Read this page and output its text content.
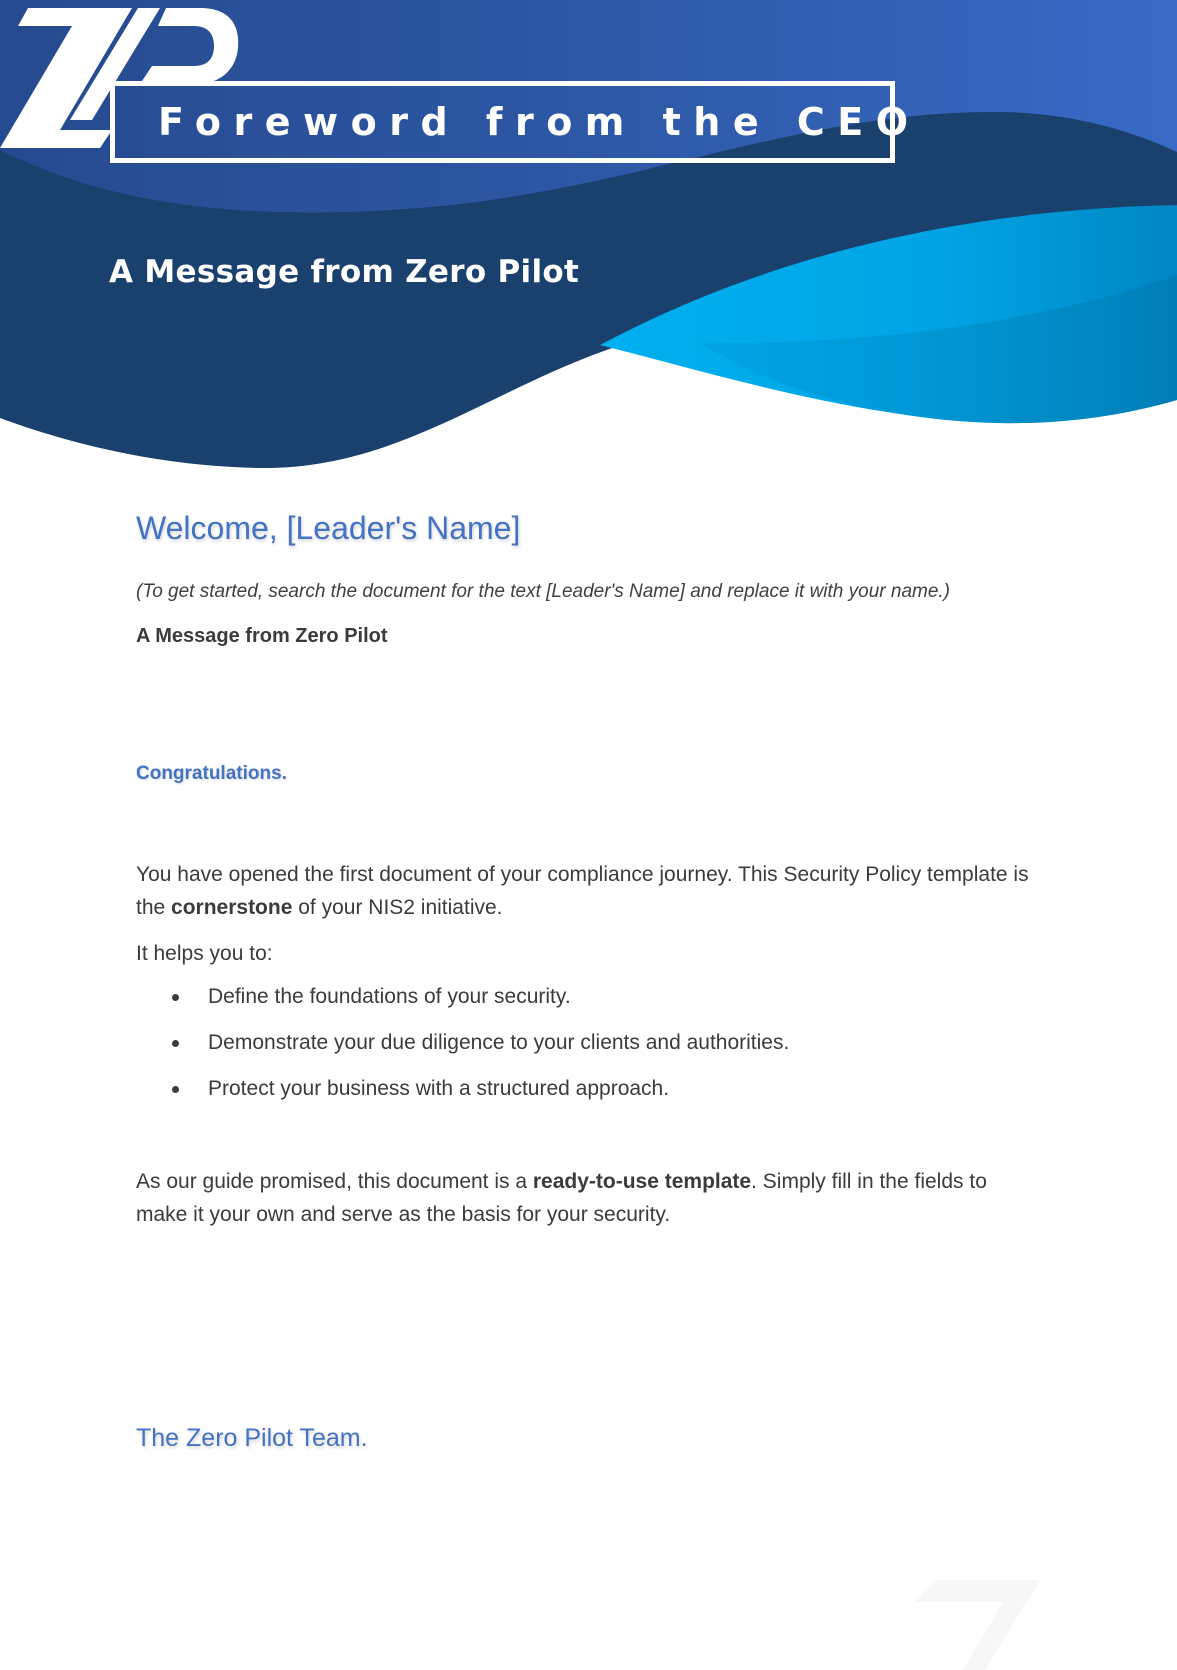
Foreword from the CEO
A Message from Zero Pilot
Welcome, [Leader's Name]
(To get started, search the document for the text [Leader's Name] and replace it with your name.)
A Message from Zero Pilot
Congratulations.
You have opened the first document of your compliance journey. This Security Policy template is the cornerstone of your NIS2 initiative.
It helps you to:
Define the foundations of your security.
Demonstrate your due diligence to your clients and authorities.
Protect your business with a structured approach.
As our guide promised, this document is a ready-to-use template. Simply fill in the fields to make it your own and serve as the basis for your security.
The Zero Pilot Team.
